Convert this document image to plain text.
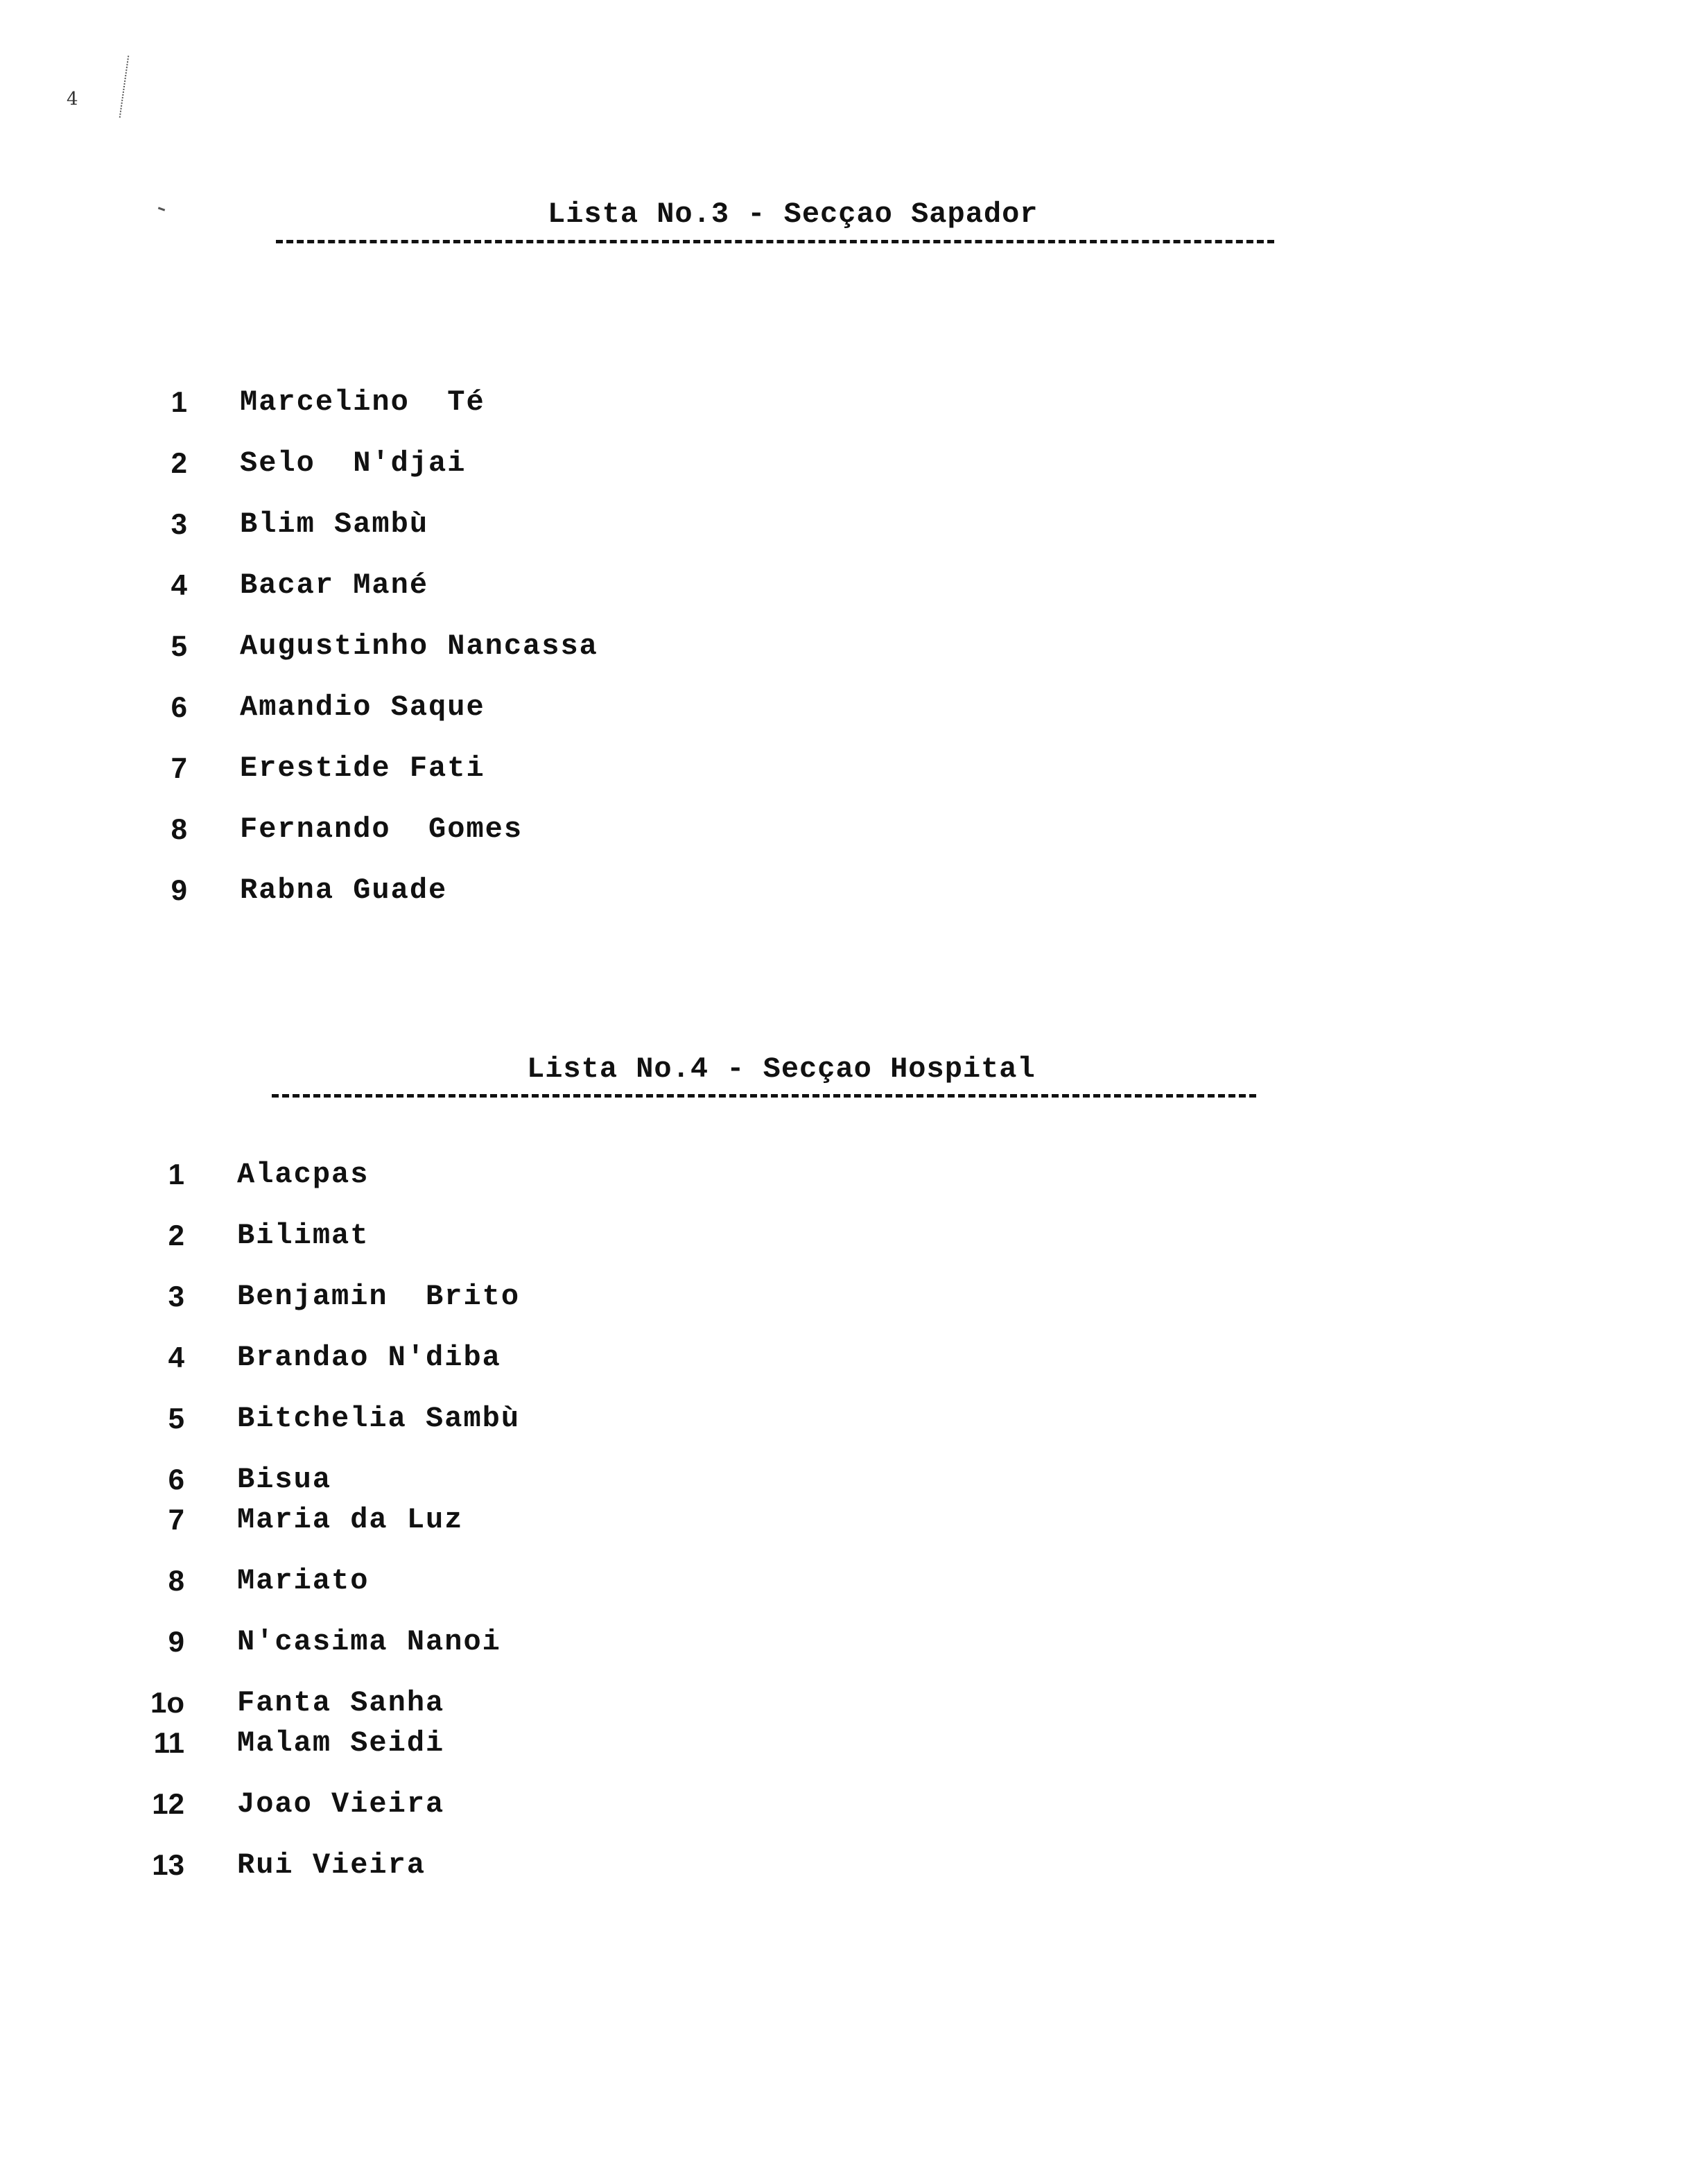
4
Lista No.3 - Secçao Sapador
1 Marcelino  Té
2 Selo  N'djai
3 Blim Sambù
4 Bacar Mané
5 Augustinho Nancassa
6 Amandio Saque
7 Erestide Fati
8 Fernando  Gomes
9 Rabna Guade
Lista No.4 - Secçao Hospital
1 Alacpas
2 Bilimat
3 Benjamin  Brito
4 Brandao N'diba
5 Bitchelia Sambù
6 Bisua
7 Maria da Luz
8 Mariato
9 N'casima Nanoi
1o Fanta Sanha
11 Malam Seidi
12 Joao Vieira
13 Rui Vieira
